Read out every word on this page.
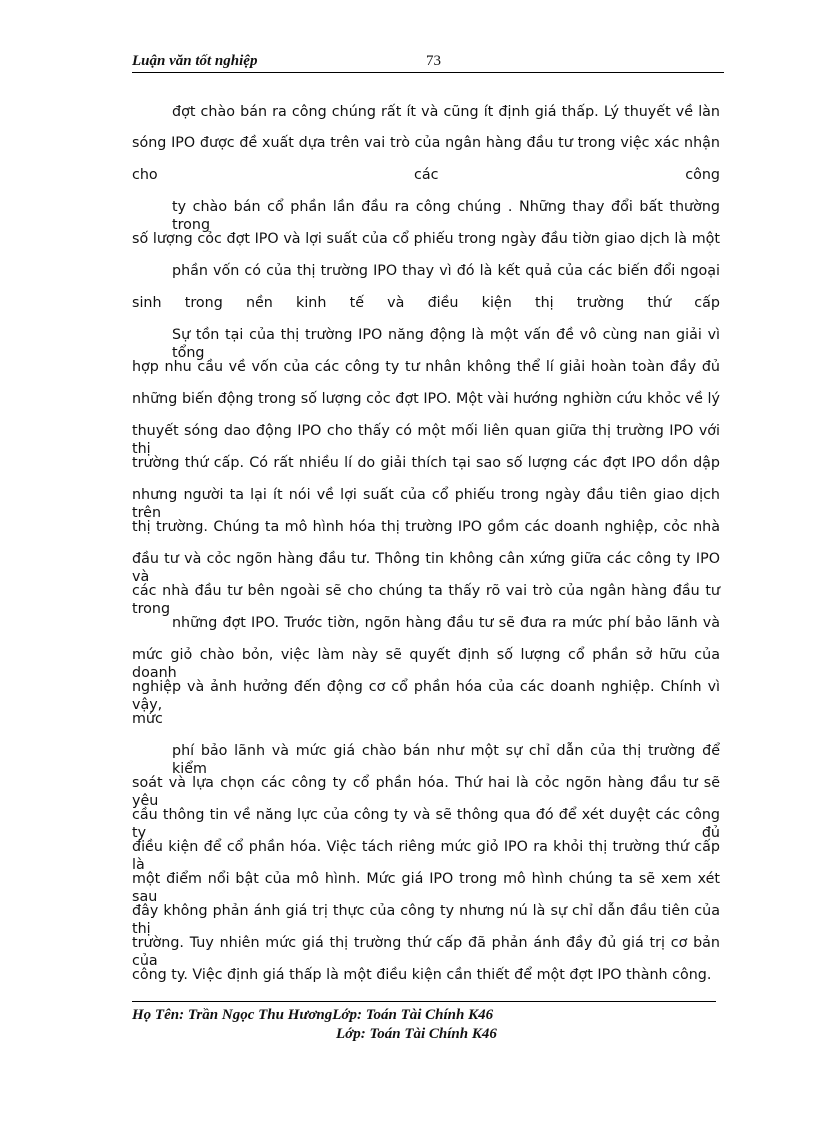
Luận văn tốt nghiệp	73
đợt chào bán ra công chúng rất ít và cũng ít định giá thấp. Lý thuyết về làn
sóng IPO được đề xuất dựa trên vai trò của ngân hàng đầu tư trong việc xác nhận
cho	các	công
ty chào bán cổ phần lần đầu ra công chúng . Những thay đổi bất thường trong
số lượng cỏc đợt IPO và lợi suất của cổ phiếu trong ngày đầu tiờn giao dịch là một
phần vốn có của thị trường IPO thay vì đó là kết quả của các biến đổi ngoại
sinh trong nền kinh tế và điều kiện thị trường thứ cấp
Sự tồn tại của thị trường IPO năng động là một vấn đề vô cùng nan giải vì tổng
hợp nhu cầu về vốn của các công ty tư nhân không thể lí giải hoàn toàn đầy đủ
những biến động trong số lượng cỏc đợt IPO. Một vài hướng nghiờn cứu khỏc về lý
thuyết sóng dao động IPO cho thấy có một mối liên quan giữa thị trường IPO với thị
trường thứ cấp. Có rất nhiều lí do giải thích tại sao số lượng các đợt IPO dồn dập
nhưng người ta lại ít nói về lợi suất của cổ phiếu trong ngày đầu tiên giao dịch trên
thị trường. Chúng ta mô hình hóa thị trường IPO gồm các doanh nghiệp, cỏc nhà
đầu tư và cỏc ngõn hàng đầu tư. Thông tin không cân xứng giữa các công ty IPO và
các nhà đầu tư bên ngoài sẽ cho chúng ta thấy rõ vai trò của ngân hàng đầu tư trong
những đợt IPO. Trước tiờn, ngõn hàng đầu tư sẽ đưa ra mức phí bảo lãnh và
mức giỏ chào bỏn, việc làm này sẽ quyết định số lượng cổ phần sở hữu của doanh
nghiệp và ảnh hưởng đến động cơ cổ phần hóa của các doanh nghiệp. Chính vì vậy,
mức
phí bảo lãnh và mức giá chào bán như một sự chỉ dẫn của thị trường để kiểm
soát và lựa chọn các công ty cổ phần hóa. Thứ hai là cỏc ngõn hàng đầu tư sẽ yêu
cầu thông tin về năng lực của công ty và sẽ thông qua đó để xét duyệt các công ty đủ
điều kiện để cổ phần hóa. Việc tách riêng mức giỏ IPO ra khỏi thị trường thứ cấp là
một điểm nổi bật của mô hình. Mức giá IPO trong mô hình chúng ta sẽ xem xét sau
đây không phản ánh giá trị thực của công ty nhưng nú là sự chỉ dẫn đầu tiên của thị
trường. Tuy nhiên mức giá thị trường thứ cấp đã phản ánh đầy đủ giá trị cơ bản của
công ty. Việc định giá thấp là một điều kiện cần thiết để một đợt IPO thành công.
Họ Tên: Trần Ngọc Thu HươngLớp: Toán Tài Chính K46
Lớp: Toán Tài Chính K46
